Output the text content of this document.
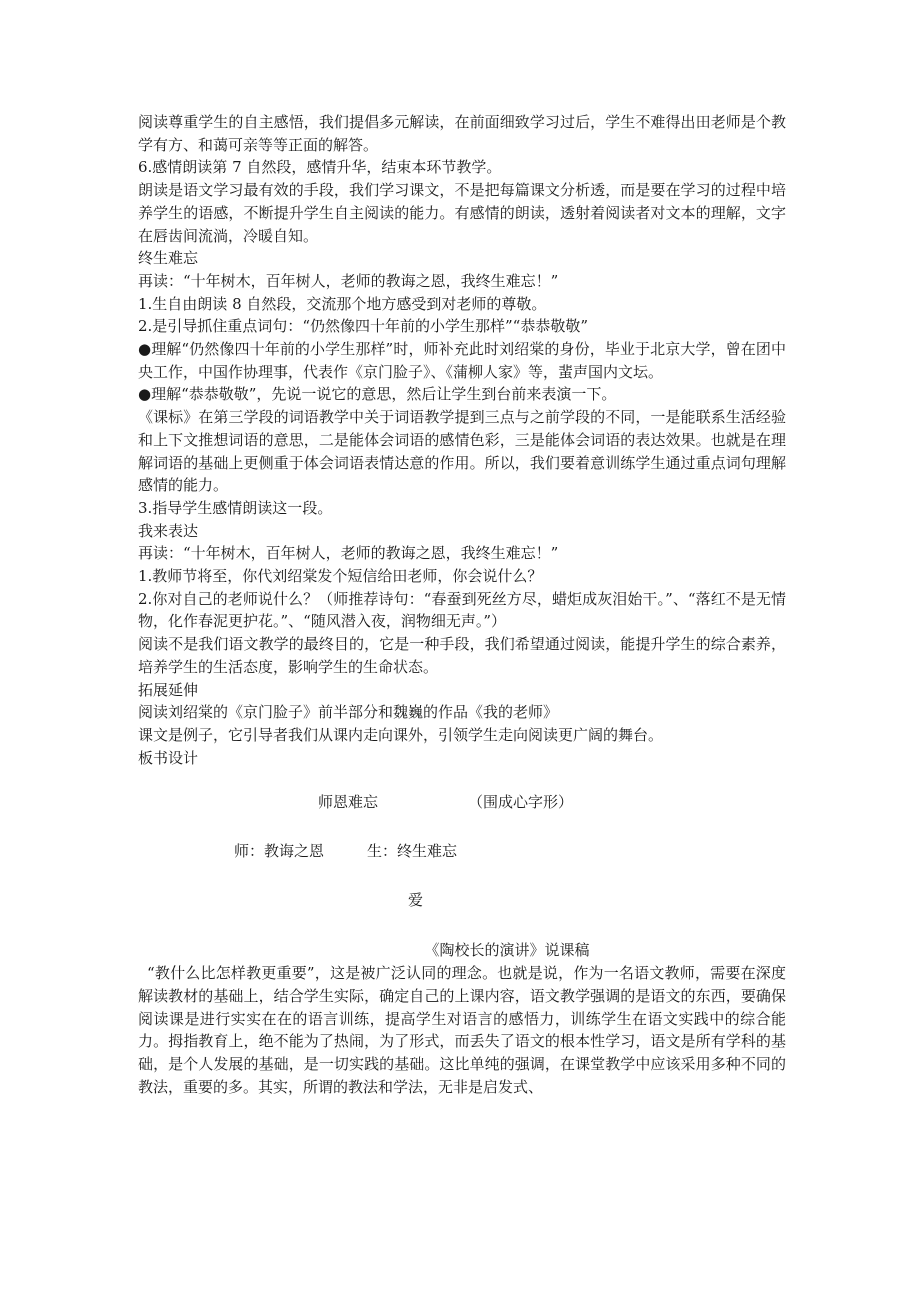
阅读尊重学生的自主感悟，我们提倡多元解读，在前面细致学习过后，学生不难得出田老师是个教学有方、和蔼可亲等等正面的解答。

6.感情朗读第 7 自然段，感情升华，结束本环节教学。

朗读是语文学习最有效的手段，我们学习课文，不是把每篇课文分析透，而是要在学习的过程中培养学生的语感，不断提升学生自主阅读的能力。有感情的朗读，透射着阅读者对文本的理解，文字在唇齿间流淌，冷暖自知。

终生难忘

再读：“十年树木，百年树人，老师的教诲之恩，我终生难忘！”

1.生自由朗读 8 自然段，交流那个地方感受到对老师的尊敬。

2.是引导抓住重点词句：“仍然像四十年前的小学生那样”“恭恭敬敬”

●理解“仍然像四十年前的小学生那样”时，师补充此时刘绍棠的身份，毕业于北京大学，曾在团中央工作，中国作协理事，代表作《京门脸子》、《蒲柳人家》等，蜚声国内文坛。

●理解“恭恭敬敬”，先说一说它的意思，然后让学生到台前来表演一下。

《课标》在第三学段的词语教学中关于词语教学提到三点与之前学段的不同，一是能联系生活经验和上下文推想词语的意思，二是能体会词语的感情色彩，三是能体会词语的表达效果。也就是在理解词语的基础上更侧重于体会词语表情达意的作用。所以，我们要着意训练学生通过重点词句理解感情的能力。

3.指导学生感情朗读这一段。

我来表达

再读：“十年树木，百年树人，老师的教诲之恩，我终生难忘！”

1.教师节将至，你代刘绍棠发个短信给田老师，你会说什么？

2.你对自己的老师说什么？（师推荐诗句：“春蚕到死丝方尽，蜡炬成灰泪始干。”、“落红不是无情物，化作春泥更护花。”、“随风潜入夜，润物细无声。”）

阅读不是我们语文教学的最终目的，它是一种手段，我们希望通过阅读，能提升学生的综合素养，培养学生的生活态度，影响学生的生命状态。

拓展延伸

阅读刘绍棠的《京门脸子》前半部分和魏巍的作品《我的老师》

课文是例子，它引导者我们从课内走向课外，引领学生走向阅读更广阔的舞台。

板书设计

师恩难忘	（围成心字形）
师：教诲之恩	生：终生难忘
爱

《陶校长的演讲》说课稿

“教什么比怎样教更重要”，这是被广泛认同的理念。也就是说，作为一名语文教师，需要在深度解读教材的基础上，结合学生实际，确定自己的上课内容，语文教学强调的是语文的东西，要确保阅读课是进行实实在在的语言训练，提高学生对语言的感悟力，训练学生在语文实践中的综合能力。拇指教育上，绝不能为了热闹，为了形式，而丢失了语文的根本性学习，语文是所有学科的基础，是个人发展的基础，是一切实践的基础。这比单纯的强调，在课堂教学中应该采用多种不同的教法，重要的多。其实，所谓的教法和学法，无非是启发式、
